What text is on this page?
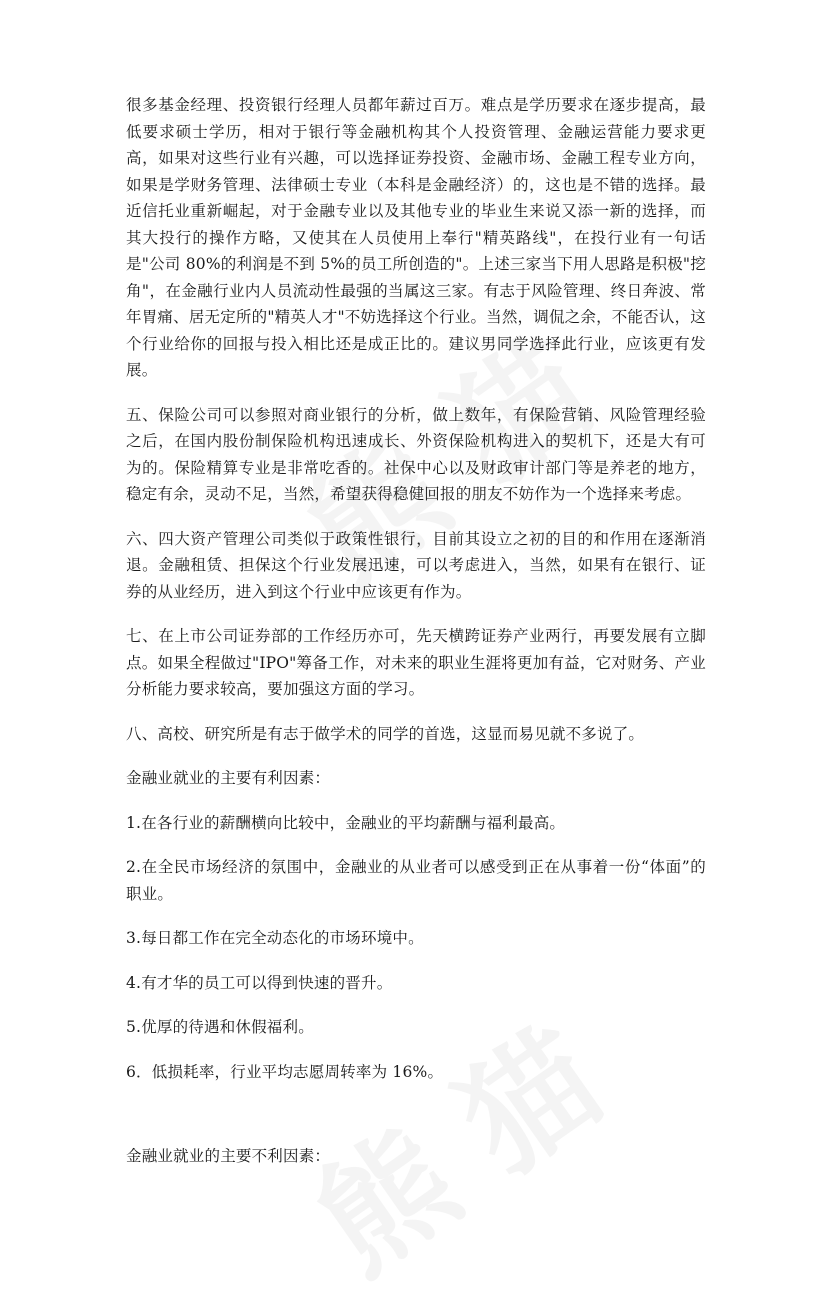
很多基金经理、投资银行经理人员都年薪过百万。难点是学历要求在逐步提高，最低要求硕士学历，相对于银行等金融机构其个人投资管理、金融运营能力要求更高，如果对这些行业有兴趣，可以选择证券投资、金融市场、金融工程专业方向，如果是学财务管理、法律硕士专业（本科是金融经济）的，这也是不错的选择。最近信托业重新崛起，对于金融专业以及其他专业的毕业生来说又添一新的选择，而其大投行的操作方略，又使其在人员使用上奉行"精英路线"，在投行业有一句话是"公司 80%的利润是不到 5%的员工所创造的"。上述三家当下用人思路是积极"挖角"，在金融行业内人员流动性最强的当属这三家。有志于风险管理、终日奔波、常年胃痛、居无定所的"精英人才"不妨选择这个行业。当然，调侃之余，不能否认，这个行业给你的回报与投入相比还是成正比的。建议男同学选择此行业，应该更有发展。

五、保险公司可以参照对商业银行的分析，做上数年，有保险营销、风险管理经验之后，在国内股份制保险机构迅速成长、外资保险机构进入的契机下，还是大有可为的。保险精算专业是非常吃香的。社保中心以及财政审计部门等是养老的地方，稳定有余，灵动不足，当然，希望获得稳健回报的朋友不妨作为一个选择来考虑。

六、四大资产管理公司类似于政策性银行，目前其设立之初的目的和作用在逐渐消退。金融租赁、担保这个行业发展迅速，可以考虑进入，当然，如果有在银行、证券的从业经历，进入到这个行业中应该更有作为。

七、在上市公司证券部的工作经历亦可，先天横跨证券产业两行，再要发展有立脚点。如果全程做过"IPO"筹备工作，对未来的职业生涯将更加有益，它对财务、产业分析能力要求较高，要加强这方面的学习。

八、高校、研究所是有志于做学术的同学的首选，这显而易见就不多说了。

金融业就业的主要有利因素：

1.在各行业的薪酬横向比较中，金融业的平均薪酬与福利最高。

2.在全民市场经济的氛围中，金融业的从业者可以感受到正在从事着一份“体面”的职业。

3.每日都工作在完全动态化的市场环境中。

4.有才华的员工可以得到快速的晋升。

5.优厚的待遇和休假福利。

6．低损耗率，行业平均志愿周转率为 16%。

金融业就业的主要不利因素：
